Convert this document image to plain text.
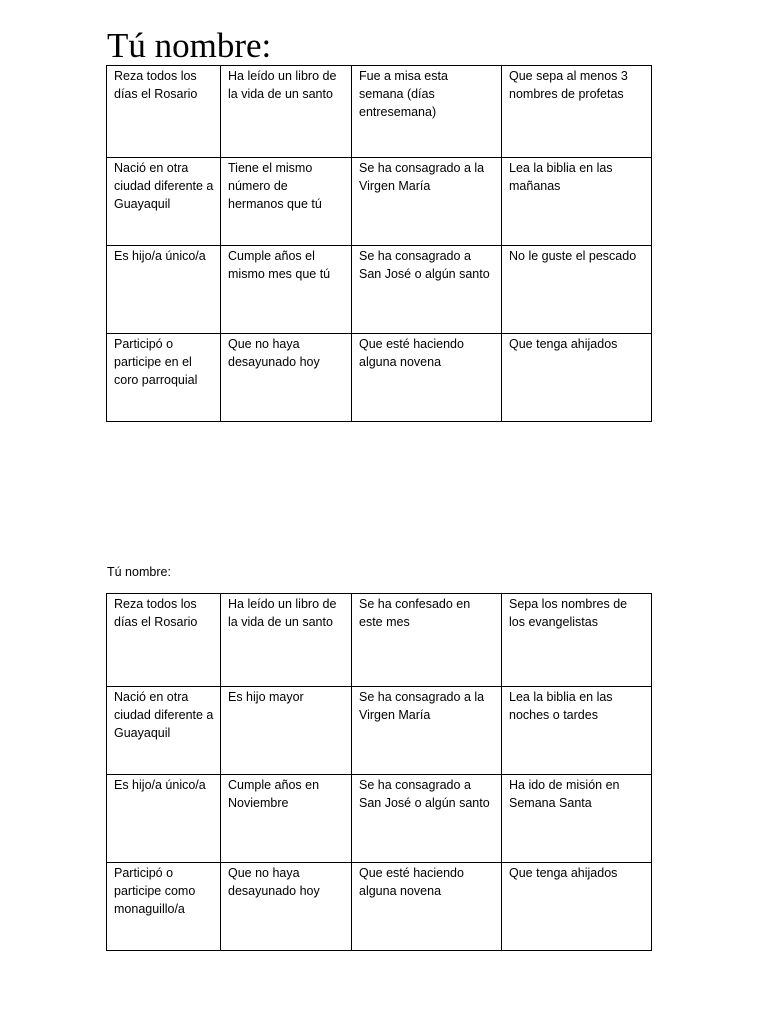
Tú nombre:
Reza todos los días el Rosario	Ha leído un libro de la vida de un santo	Fue a misa esta semana (días entresemana)	Que sepa al menos 3 nombres de profetas
Nació en otra ciudad diferente a Guayaquil	Tiene el mismo número de hermanos que tú	Se ha consagrado a la Virgen María	Lea la biblia en las mañanas
Es hijo/a único/a	Cumple años el mismo mes que tú	Se ha consagrado a San José o algún santo	No le guste el pescado
Participó o participe en el coro parroquial	Que no haya desayunado hoy	Que esté haciendo alguna novena	Que tenga ahijados

Tú nombre:

Reza todos los días el Rosario	Ha leído un libro de la vida de un santo	Se ha confesado en este mes	Sepa los nombres de los evangelistas
Nació en otra ciudad diferente a Guayaquil	Es hijo mayor	Se ha consagrado a la Virgen María	Lea la biblia en las noches o tardes
Es hijo/a único/a	Cumple años en Noviembre	Se ha consagrado a San José o algún santo	Ha ido de misión en Semana Santa
Participó o participe como monaguillo/a	Que no haya desayunado hoy	Que esté haciendo alguna novena	Que tenga ahijados
